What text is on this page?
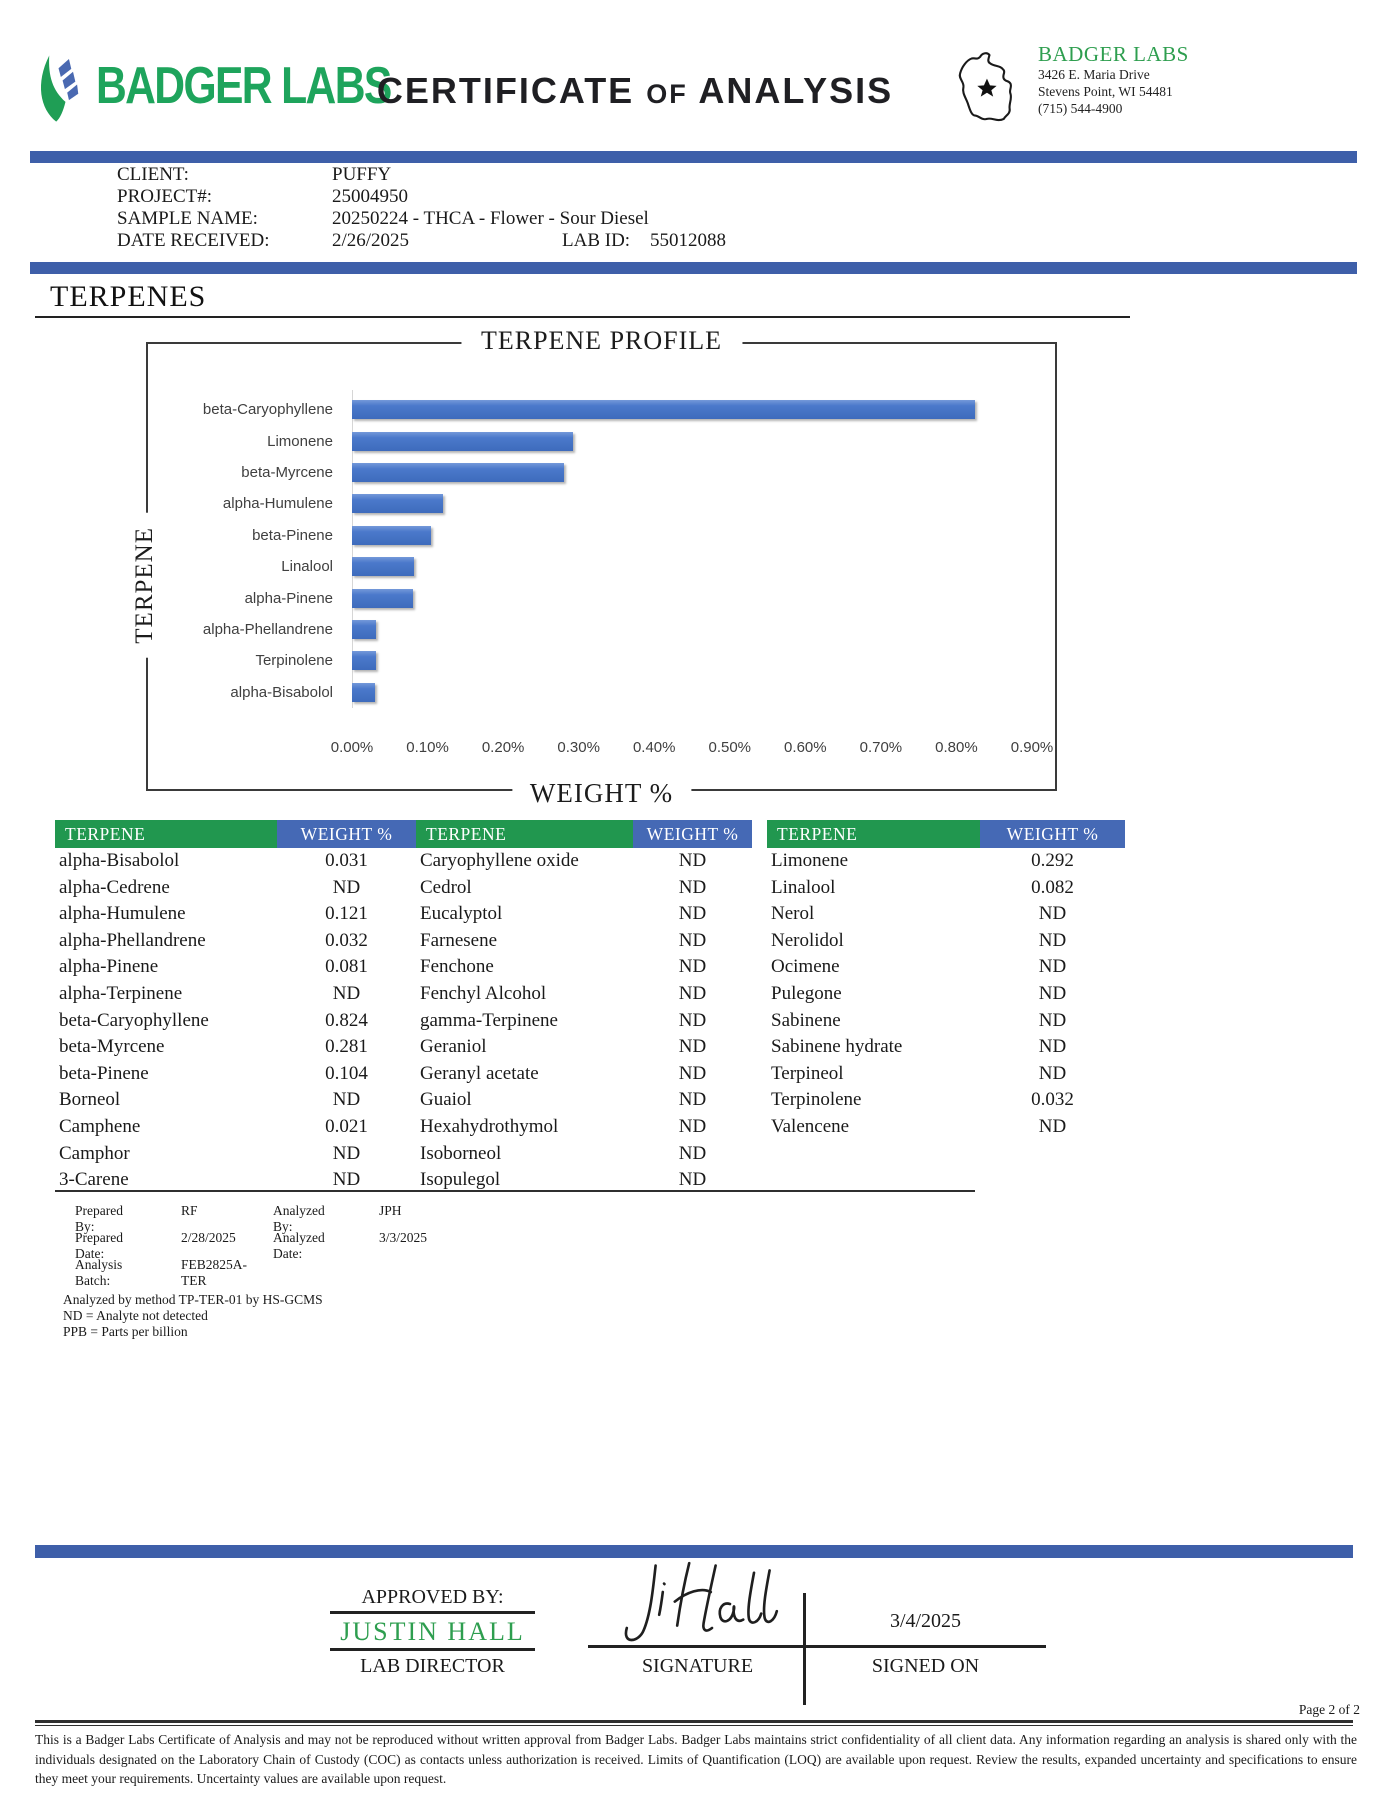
BADGER LABS
CERTIFICATE OF ANALYSIS
BADGER LABS
3426 E. Maria Drive
Stevens Point, WI 54481
(715) 544-4900
CLIENT:	PUFFY
PROJECT#:	25004950
SAMPLE NAME:	20250224 - THCA - Flower - Sour Diesel
DATE RECEIVED:	2/26/2025	LAB ID: 55012088
TERPENES
TERPENE PROFILE
TERPENE
beta-Caryophyllene
Limonene
beta-Myrcene
alpha-Humulene
beta-Pinene
Linalool
alpha-Pinene
alpha-Phellandrene
Terpinolene
alpha-Bisabolol
0.00% 0.10% 0.20% 0.30% 0.40% 0.50% 0.60% 0.70% 0.80% 0.90%
WEIGHT %
TERPENE	WEIGHT %	TERPENE	WEIGHT %		TERPENE	WEIGHT %
alpha-Bisabolol	0.031	Caryophyllene oxide	ND		Limonene	0.292
alpha-Cedrene	ND	Cedrol	ND		Linalool	0.082
alpha-Humulene	0.121	Eucalyptol	ND		Nerol	ND
alpha-Phellandrene	0.032	Farnesene	ND		Nerolidol	ND
alpha-Pinene	0.081	Fenchone	ND		Ocimene	ND
alpha-Terpinene	ND	Fenchyl Alcohol	ND		Pulegone	ND
beta-Caryophyllene	0.824	gamma-Terpinene	ND		Sabinene	ND
beta-Myrcene	0.281	Geraniol	ND		Sabinene hydrate	ND
beta-Pinene	0.104	Geranyl acetate	ND		Terpineol	ND
Borneol	ND	Guaiol	ND		Terpinolene	0.032
Camphene	0.021	Hexahydrothymol	ND		Valencene	ND
Camphor	ND	Isoborneol	ND			
3-Carene	ND	Isopulegol	ND			
Prepared By:
RF	Analyzed By:
JPH
Prepared Date:
2/28/2025	Analyzed Date:
3/3/2025
Analysis Batch:
FEB2825A-TER
Analyzed by method TP-TER-01 by HS-GCMS
ND = Analyte not detected
PPB = Parts per billion
APPROVED BY:
JUSTIN HALL
LAB DIRECTOR	SIGNATURE
3/4/2025
SIGNED ON
Page 2 of 2
This is a Badger Labs Certificate of Analysis and may not be reproduced without written approval from Badger Labs. Badger Labs maintains strict confidentiality of all client data. Any information regarding an analysis is shared only with the individuals designated on the Laboratory Chain of Custody (COC) as contacts unless authorization is received. Limits of Quantification (LOQ) are available upon request. Review the results, expanded uncertainty and specifications to ensure they meet your requirements. Uncertainty values are available upon request.
